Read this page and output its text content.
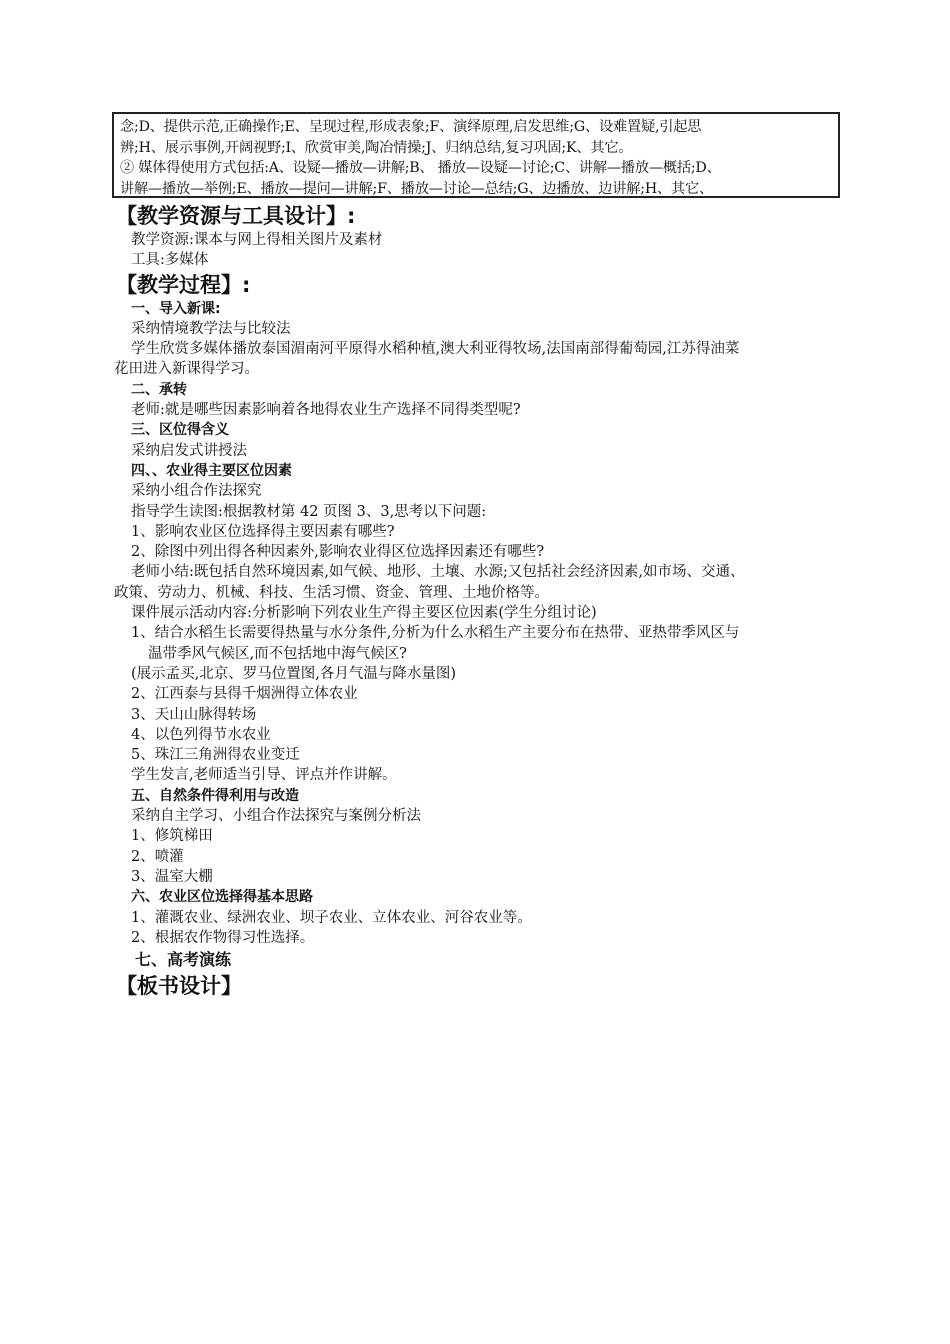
念;D、提供示范,正确操作;E、呈现过程,形成表象;F、演绎原理,启发思维;G、设难置疑,引起思
辨;H、展示事例,开阔视野;I、欣赏审美,陶冶情操;J、归纳总结,复习巩固;K、其它。
② 媒体得使用方式包括:A、设疑—播放—讲解;B、 播放—设疑—讨论;C、讲解—播放—概括;D、
讲解—播放—举例;E、播放—提问—讲解;F、播放—讨论—总结;G、边播放、边讲解;H、其它、
【教学资源与工具设计】:
教学资源:课本与网上得相关图片及素材
工具:多媒体
【教学过程】:
一、导入新课:
采纳情境教学法与比较法
学生欣赏多媒体播放泰国湄南河平原得水稻种植,澳大利亚得牧场,法国南部得葡萄园,江苏得油菜
花田进入新课得学习。
二、承转
老师:就是哪些因素影响着各地得农业生产选择不同得类型呢?
三、区位得含义
采纳启发式讲授法
四、、农业得主要区位因素
采纳小组合作法探究
指导学生读图:根据教材第 42 页图 3、3,思考以下问题:
1、影响农业区位选择得主要因素有哪些?
2、除图中列出得各种因素外,影响农业得区位选择因素还有哪些?
老师小结:既包括自然环境因素,如气候、地形、土壤、水源;又包括社会经济因素,如市场、交通、
政策、劳动力、机械、科技、生活习惯、资金、管理、土地价格等。
课件展示活动内容:分析影响下列农业生产得主要区位因素(学生分组讨论)
1、结合水稻生长需要得热量与水分条件,分析为什么水稻生产主要分布在热带、亚热带季风区与
温带季风气候区,而不包括地中海气候区?
(展示孟买,北京、罗马位置图,各月气温与降水量图)
2、江西泰与县得千烟洲得立体农业
3、天山山脉得转场
4、以色列得节水农业
5、珠江三角洲得农业变迁
学生发言,老师适当引导、评点并作讲解。
五、自然条件得利用与改造
采纳自主学习、小组合作法探究与案例分析法
1、修筑梯田
2、喷灌
3、温室大棚
六、农业区位选择得基本思路
1、灌溉农业、绿洲农业、坝子农业、立体农业、河谷农业等。
2、根据农作物得习性选择。
七、高考演练
【板书设计】
